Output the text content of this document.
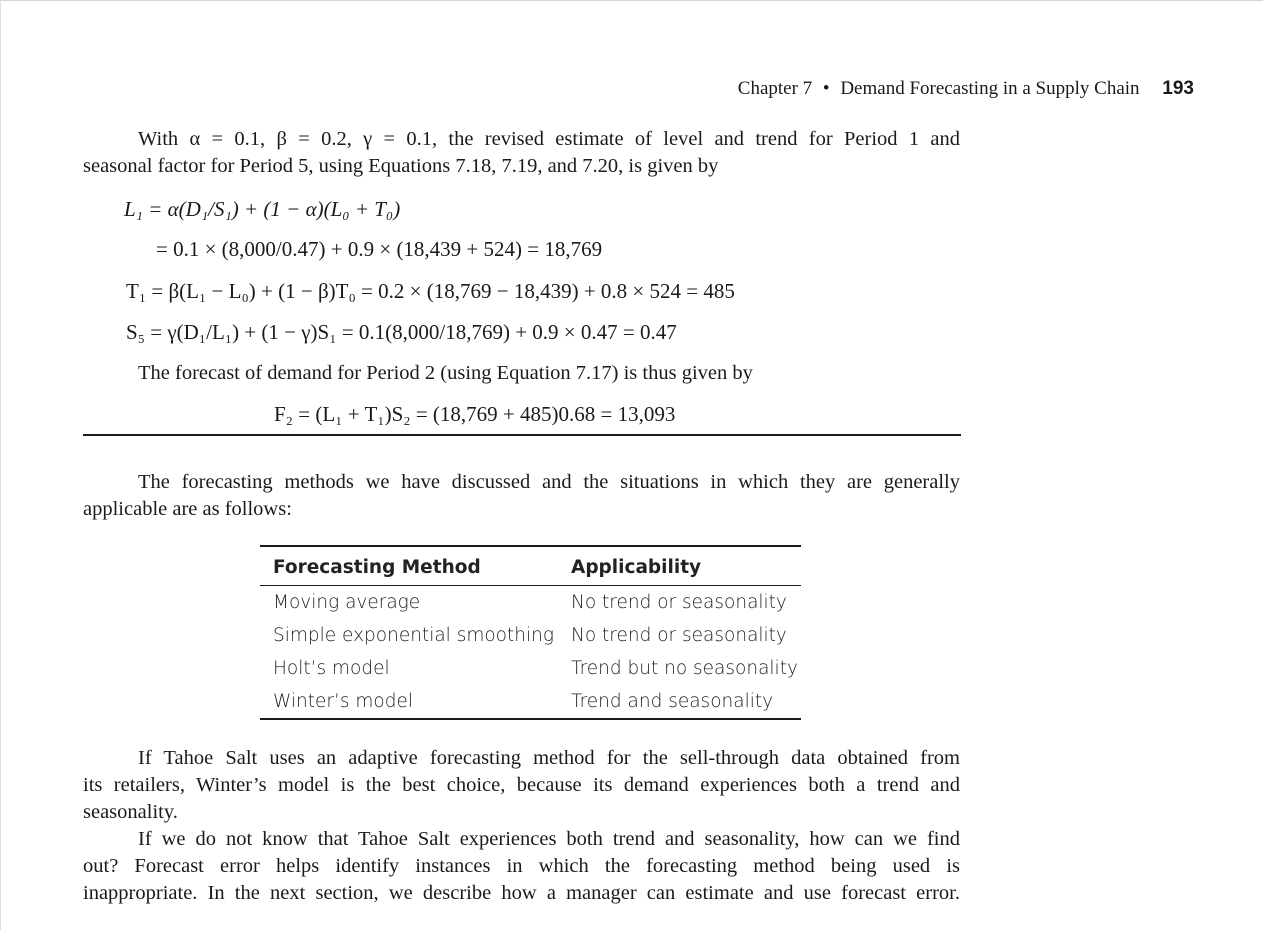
Chapter 7 • Demand Forecasting in a Supply Chain 193
With α = 0.1, β = 0.2, γ = 0.1, the revised estimate of level and trend for Period 1 and
seasonal factor for Period 5, using Equations 7.18, 7.19, and 7.20, is given by
L₁ = α(D₁/S₁) + (1 − α)(L₀ + T₀)
= 0.1 × (8,000/0.47) + 0.9 × (18,439 + 524) = 18,769
T₁ = β(L₁ − L₀) + (1 − β)T₀ = 0.2 × (18,769 − 18,439) + 0.8 × 524 = 485
S₅ = γ(D₁/L₁) + (1 − γ)S₁ = 0.1(8,000/18,769) + 0.9 × 0.47 = 0.47
The forecast of demand for Period 2 (using Equation 7.17) is thus given by
F₂ = (L₁ + T₁)S₂ = (18,769 + 485)0.68 = 13,093
The forecasting methods we have discussed and the situations in which they are generally
applicable are as follows:
Forecasting Method	Applicability
Moving average	No trend or seasonality
Simple exponential smoothing	No trend or seasonality
Holt’s model	Trend but no seasonality
Winter’s model	Trend and seasonality
If Tahoe Salt uses an adaptive forecasting method for the sell-through data obtained from
its retailers, Winter’s model is the best choice, because its demand experiences both a trend and
seasonality.
If we do not know that Tahoe Salt experiences both trend and seasonality, how can we find
out? Forecast error helps identify instances in which the forecasting method being used is
inappropriate. In the next section, we describe how a manager can estimate and use forecast error.
